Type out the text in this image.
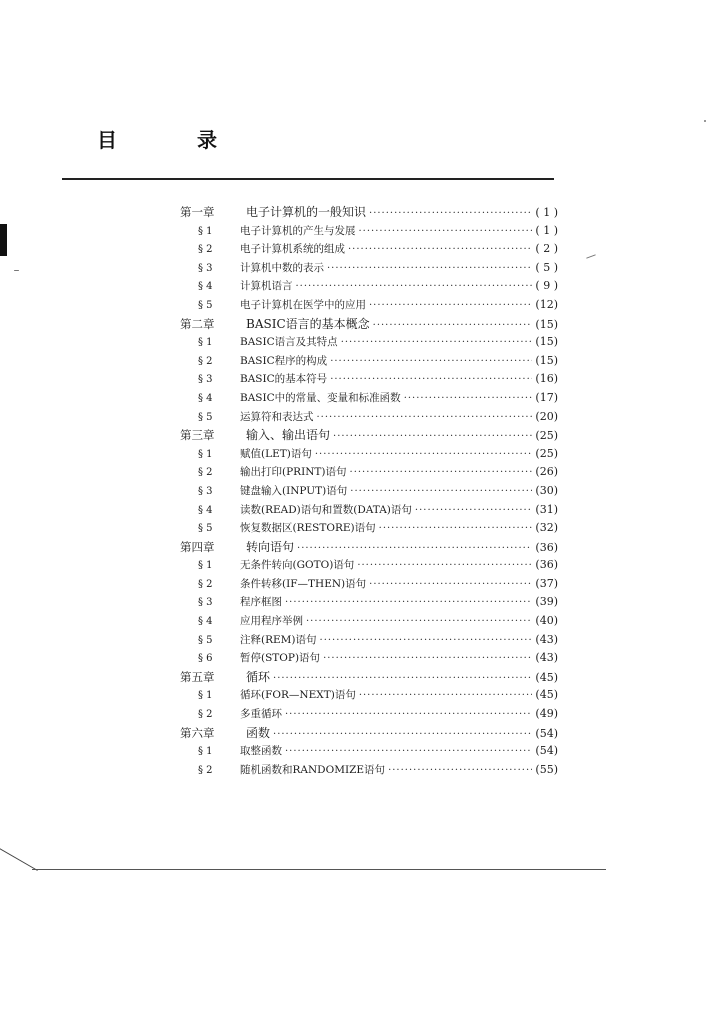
目　录
第一章	电子计算机的一般知识 ·····	( 1 )
§ 1	电子计算机的产生与发展 ·····	( 1 )
§ 2	电子计算机系统的组成 ·····	( 2 )
§ 3	计算机中数的表示 ·····	( 5 )
§ 4	计算机语言 ·····	( 9 )
§ 5	电子计算机在医学中的应用 ·····	(12)
第二章	BASIC语言的基本概念 ·····	(15)
§ 1	BASIC语言及其特点 ·····	(15)
§ 2	BASIC程序的构成 ·····	(15)
§ 3	BASIC的基本符号 ·····	(16)
§ 4	BASIC中的常量、变量和标准函数 ·····	(17)
§ 5	运算符和表达式 ·····	(20)
第三章	输入、输出语句 ·····	(25)
§ 1	赋值(LET)语句 ·····	(25)
§ 2	输出打印(PRINT)语句 ·····	(26)
§ 3	键盘输入(INPUT)语句 ·····	(30)
§ 4	读数(READ)语句和置数(DATA)语句 ·····	(31)
§ 5	恢复数据区(RESTORE)语句 ·····	(32)
第四章	转向语句 ·····	(36)
§ 1	无条件转向(GOTO)语句 ·····	(36)
§ 2	条件转移(IF—THEN)语句 ·····	(37)
§ 3	程序框图 ·····	(39)
§ 4	应用程序举例 ·····	(40)
§ 5	注释(REM)语句 ·····	(43)
§ 6	暂停(STOP)语句 ·····	(43)
第五章	循环 ·····	(45)
§ 1	循环(FOR—NEXT)语句 ·····	(45)
§ 2	多重循环 ·····	(49)
第六章	函数 ·····	(54)
§ 1	取整函数 ·····	(54)
§ 2	随机函数和RANDOMIZE语句 ·····	(55)
